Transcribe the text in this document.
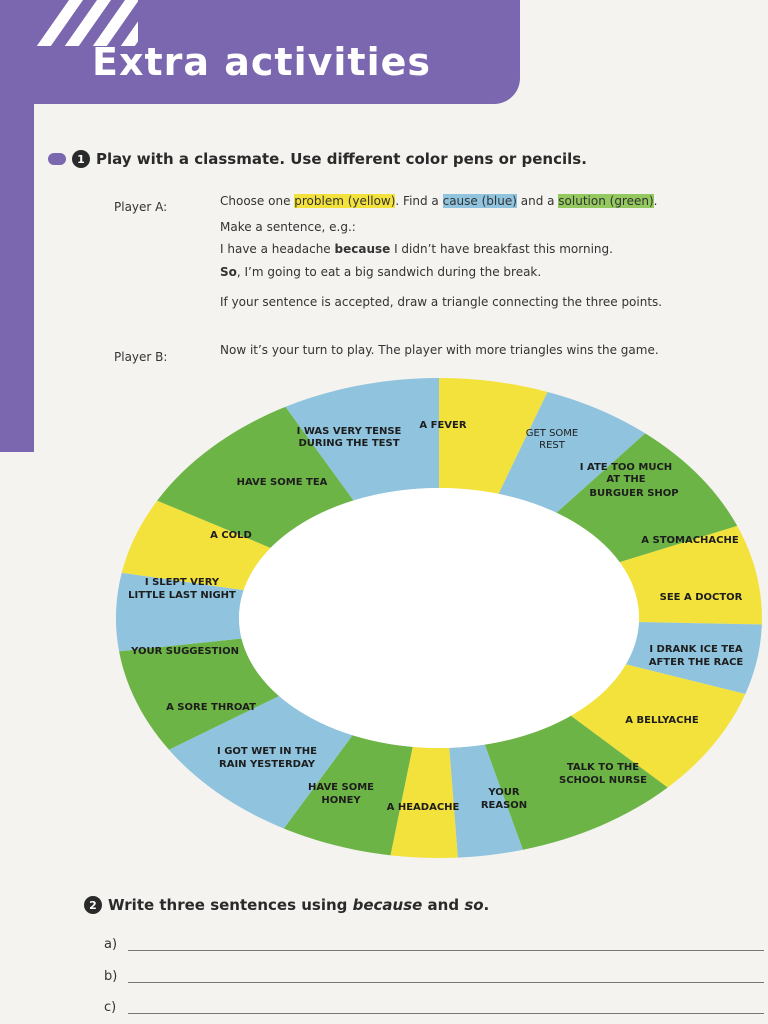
Extra activities
1 Play with a classmate. Use different color pens or pencils.
Player A:	Choose one problem (yellow). Find a cause (blue) and a solution (green).
Make a sentence, e.g.:
I have a headache because I didn’t have breakfast this morning.
So, I’m going to eat a big sandwich during the break.
If your sentence is accepted, draw a triangle connecting the three points.
Player B:	Now it’s your turn to play. The player with more triangles wins the game.
I WAS VERY TENSE
DURING THE TEST
A FEVER
GET SOME
REST
I ATE TOO MUCH
AT THE
BURGUER SHOP
A STOMACHACHE
SEE A DOCTOR
I DRANK ICE TEA
AFTER THE RACE
A BELLYACHE
TALK TO THE
SCHOOL NURSE
YOUR
REASON
A HEADACHE
HAVE SOME
HONEY
I GOT WET IN THE
RAIN YESTERDAY
A SORE THROAT
YOUR SUGGESTION
I SLEPT VERY
LITTLE LAST NIGHT
A COLD
HAVE SOME TEA
2 Write three sentences using because and so.
a)
b)
c)
